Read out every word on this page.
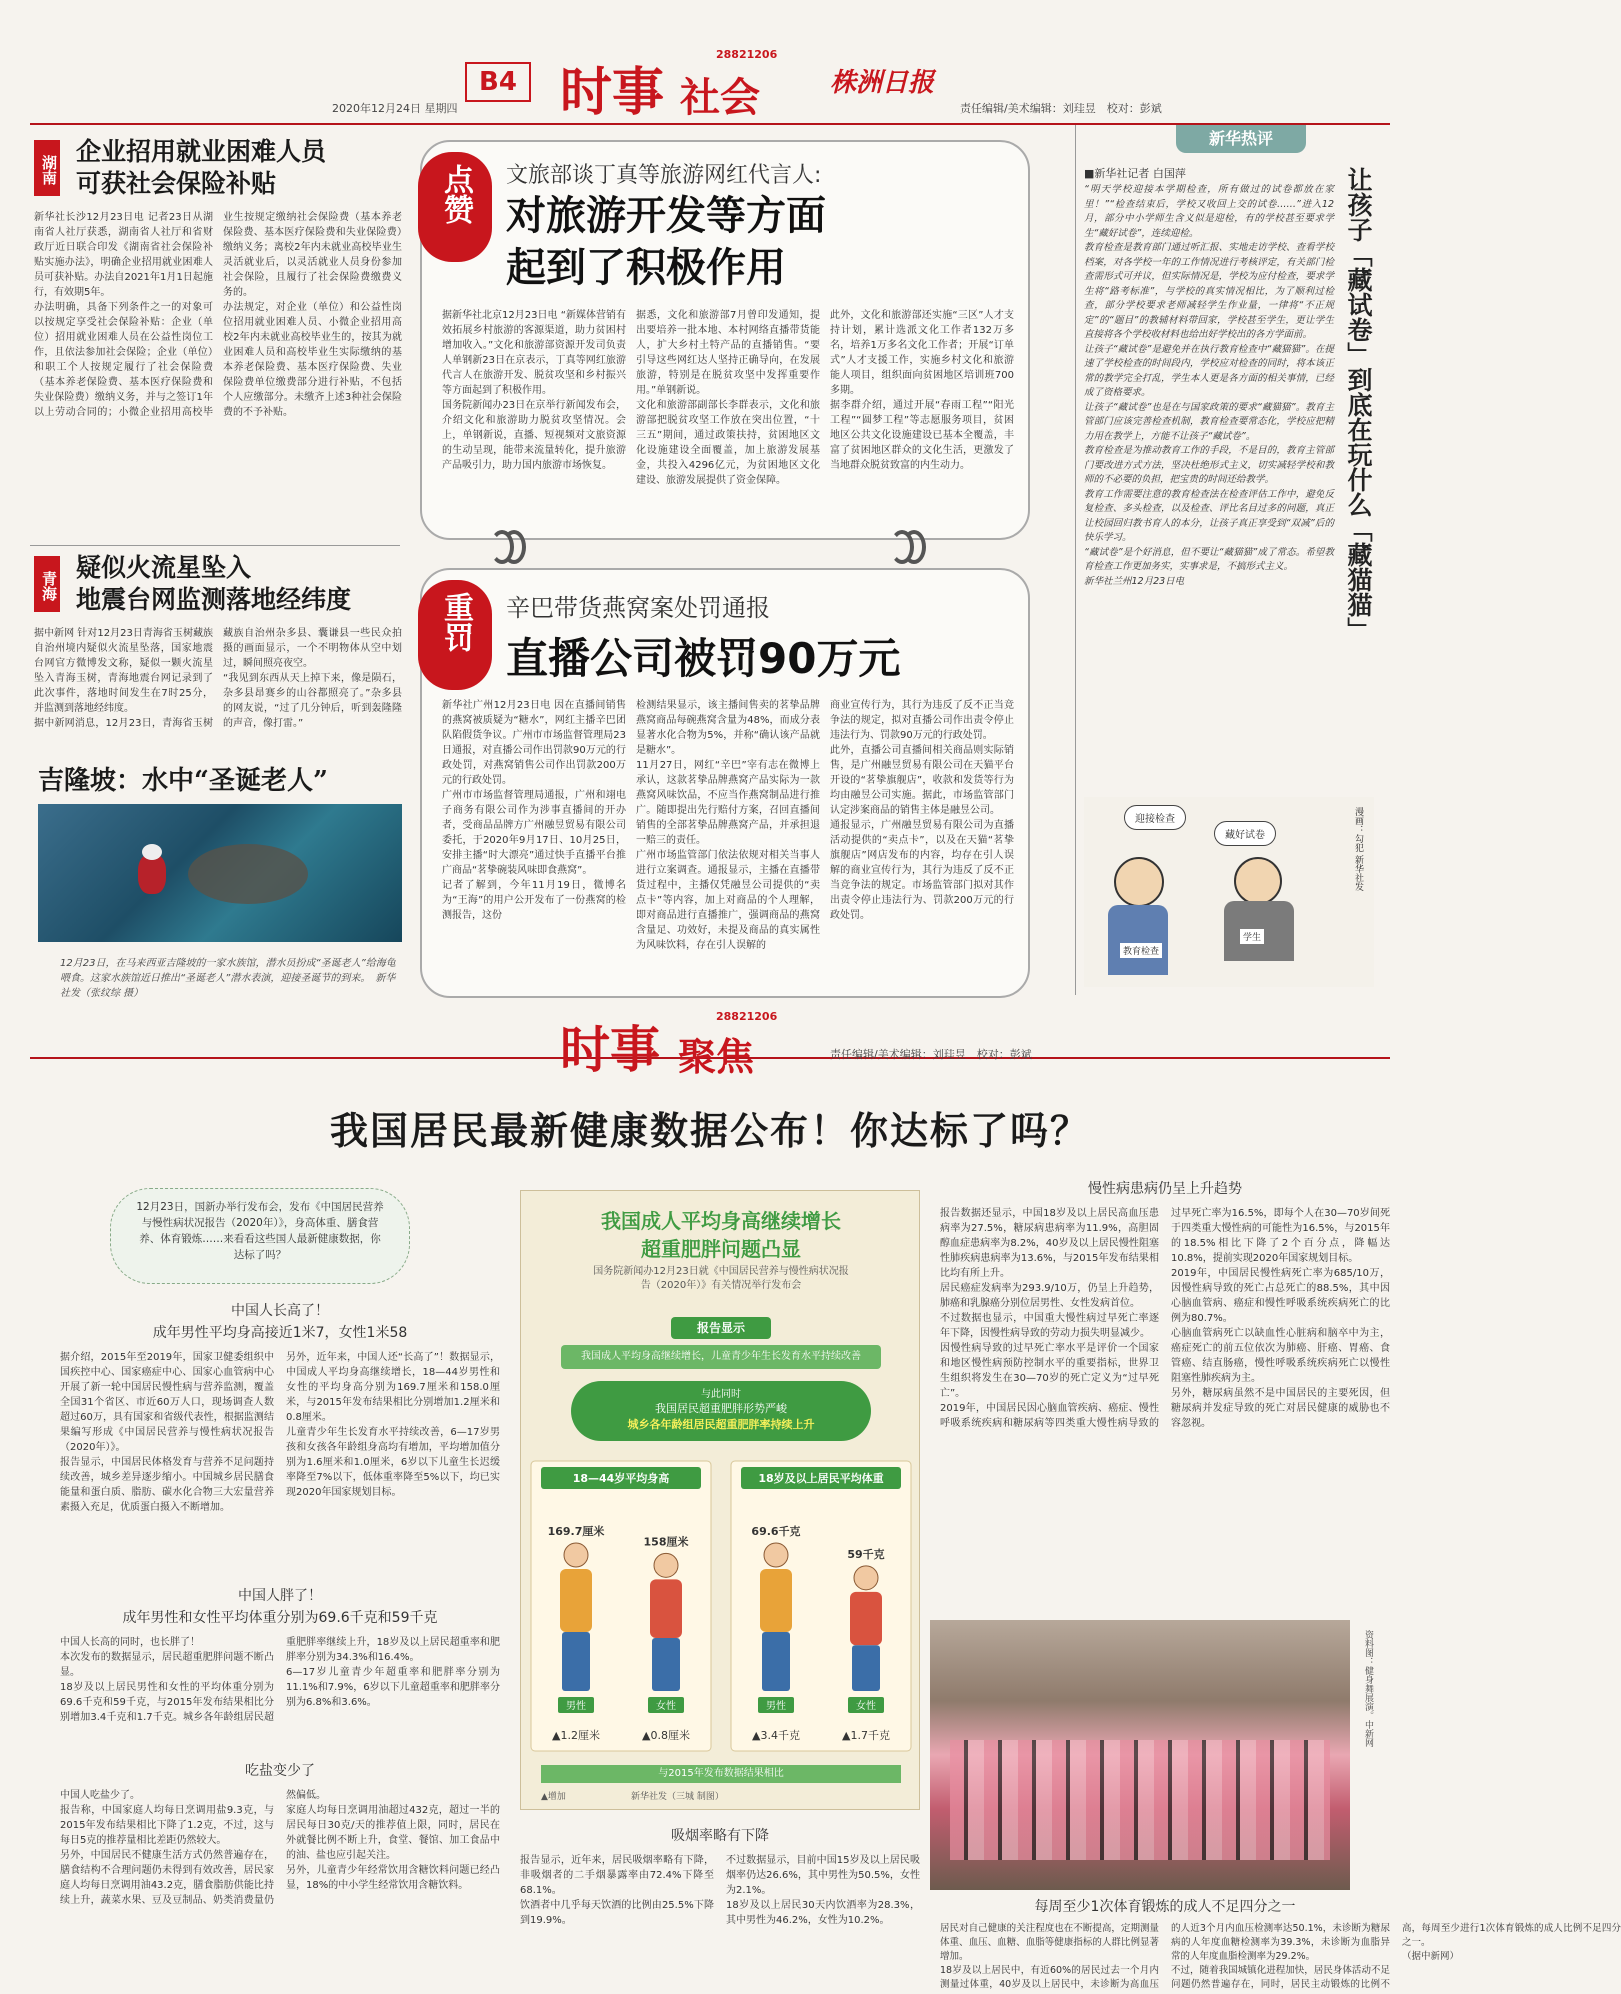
B4
2020年12月24日 星期四 时事 社会
28821206
株洲日报
责任编辑/美术编辑：刘珪昱　校对：彭斌
湖南
企业招用就业困难人员
可获社会保险补贴
新华社长沙12月23日电 记者23日从湖南省人社厅获悉，湖南省人社厅和省财政厅近日联合印发《湖南省社会保险补贴实施办法》，明确企业招用就业困难人员可获补贴。办法自2021年1月1日起施行，有效期5年。
办法明确，具备下列条件之一的对象可以按规定享受社会保险补贴：企业（单位）招用就业困难人员在公益性岗位工作，且依法参加社会保险；企业（单位）和职工个人按规定履行了社会保险费（基本养老保险费、基本医疗保险费和失业保险费）缴纳义务，并与之签订1年以上劳动合同的；小微企业招用高校毕业生按规定缴纳社会保险费（基本养老保险费、基本医疗保险费和失业保险费）缴纳义务；离校2年内未就业高校毕业生灵活就业后，以灵活就业人员身份参加社会保险，且履行了社会保险费缴费义务的。
办法规定，对企业（单位）和公益性岗位招用就业困难人员、小微企业招用高校2年内未就业高校毕业生的，按其为就业困难人员和高校毕业生实际缴纳的基本养老保险费、基本医疗保险费、失业保险费单位缴费部分进行补贴，不包括个人应缴部分。未缴齐上述3种社会保险费的不予补贴。
青海
疑似火流星坠入
地震台网监测落地经纬度
据中新网 针对12月23日青海省玉树藏族自治州境内疑似火流星坠落，国家地震台网官方微博发文称，疑似一颗火流星坠入青海玉树，青海地震台网记录到了此次事件，落地时间发生在7时25分，并监测到落地经纬度。
据中新网消息，12月23日，青海省玉树藏族自治州杂多县、囊谦县一些民众拍摄的画面显示，一个不明物体从空中划过，瞬间照亮夜空。
“我见到东西从天上掉下来，像是陨石，杂多县昂赛乡的山谷都照亮了。”杂多县的网友说，“过了几分钟后，听到轰隆隆的声音，像打雷。”
吉隆坡：水中“圣诞老人”
12月23日，在马来西亚吉隆坡的一家水族馆，潜水员扮成“圣诞老人”给海龟喂食。这家水族馆近日推出“圣诞老人”潜水表演，迎接圣诞节的到来。　新华社发（张纹综 摄）
点赞 文旅部谈丁真等旅游网红代言人:
对旅游开发等方面
起到了积极作用
据新华社北京12月23日电 “新媒体营销有效拓展乡村旅游的客源渠道，助力贫困村增加收入。”文化和旅游部资源开发司负责人单钢新23日在京表示，丁真等网红旅游代言人在旅游开发、脱贫攻坚和乡村振兴等方面起到了积极作用。
国务院新闻办23日在京举行新闻发布会，介绍文化和旅游助力脱贫攻坚情况。会上，单钢新说，直播、短视频对文旅资源的生动呈现，能带来流量转化，提升旅游产品吸引力，助力国内旅游市场恢复。
据悉，文化和旅游部7月曾印发通知，提出要培养一批本地、本村网络直播带货能人，扩大乡村土特产品的直播销售。“要引导这些网红达人坚持正确导向，在发展旅游，特别是在脱贫攻坚中发挥重要作用。”单钢新说。
文化和旅游部副部长李群表示，文化和旅游部把脱贫攻坚工作放在突出位置，“十三五”期间，通过政策扶持，贫困地区文化设施建设全面覆盖，加上旅游发展基金，共投入4296亿元，为贫困地区文化建设、旅游发展提供了资金保障。
此外，文化和旅游部还实施“三区”人才支持计划，累计选派文化工作者132万多名，培养1万多名文化工作者；开展“订单式”人才支援工作，实施乡村文化和旅游能人项目，组织面向贫困地区培训班700多期。
据李群介绍，通过开展“春雨工程”“阳光工程”“圆梦工程”等志愿服务项目，贫困地区公共文化设施建设已基本全覆盖，丰富了贫困地区群众的文化生活，更激发了当地群众脱贫致富的内生动力。
重罚 辛巴带货燕窝案处罚通报
直播公司被罚90万元
新华社广州12月23日电 因在直播间销售的燕窝被质疑为“糖水”，网红主播辛巴团队陷假货争议。广州市市场监督管理局23日通报，对直播公司作出罚款90万元的行政处罚，对燕窝销售公司作出罚款200万元的行政处罚。
广州市市场监督管理局通报，广州和翊电子商务有限公司作为涉事直播间的开办者，受商品品牌方广州融昱贸易有限公司委托，于2020年9月17日、10月25日，安排主播“时大漂亮”通过快手直播平台推广商品“茗挚碗装风味即食燕窝”。
记者了解到，今年11月19日，微博名为“王海”的用户公开发布了一份燕窝的检测报告，这份
检测结果显示，该主播间售卖的茗挚品牌燕窝商品每碗燕窝含量为48%，而成分表显著水化合物为5%，并称“确认该产品就是糖水”。
11月27日，网红“辛巴”宰有志在微博上承认，这款茗挚品牌燕窝产品实际为一款燕窝风味饮品，不应当作燕窝制品进行推广。随即提出先行赔付方案，召回直播间销售的全部茗挚品牌燕窝产品，并承担退一赔三的责任。
广州市场监管部门依法依规对相关当事人进行立案调查。通报显示，主播在直播带货过程中，主播仅凭融昱公司提供的“卖点卡”等内容，加上对商品的个人理解，即对商品进行直播推广，强调商品的燕窝含量足、功效好，未提及商品的真实属性为风味饮料，存在引人误解的
商业宣传行为，其行为违反了反不正当竞争法的规定，拟对直播公司作出责令停止违法行为、罚款90万元的行政处罚。
此外，直播公司直播间相关商品则实际销售，是广州融昱贸易有限公司在天猫平台开设的“茗挚旗舰店”，收款和发货等行为均由融昱公司实施。据此，市场监管部门认定涉案商品的销售主体是融昱公司。
通报显示，广州融昱贸易有限公司为直播活动提供的“卖点卡”，以及在天猫“茗挚旗舰店”网店发布的内容，均存在引人误解的商业宣传行为，其行为违反了反不正当竞争法的规定。市场监管部门拟对其作出责令停止违法行为、罚款200万元的行政处罚。
新华热评
让孩子「藏试卷」到底在玩什么「藏猫猫」
■新华社记者 白国萍
“明天学校迎接本学期检查，所有做过的试卷都放在家里！”“检查结束后，学校又收回上交的试卷……”进入12月，部分中小学师生含义似是迎检，有的学校甚至要求学生“藏好试卷”，连续迎检。
教育检查是教育部门通过听汇报、实地走访学校、查看学校档案，对各学校一年的工作情况进行考核评定，有关部门检查需形式可并议，但实际情况是，学校为应付检查，要求学生将“路考标准”，与学校的真实情况相比，为了顺利过检查，部分学校要求老师减轻学生作业量，一律将“不正规定”的“题目”的教辅材料带回家，学校甚至学生，更让学生直接将各个学校收材料也给出好学校出的各方学面前。
让孩子“藏试卷”是避免并在执行教育检查中“藏猫猫”。在提速了学校检查的时间段内，学校应对检查的同时，将本该正常的教学完全打乱，学生本人更是各方面的相关事情，已经成了资格要求。
让孩子“藏试卷”也是在与国家政策的要求“藏猫猫”。教育主管部门应该完善检查机制，教育检查要常态化，学校应把精力用在教学上，方能不让孩子“藏试卷”。
教育检查是为推动教育工作的手段，不是目的，教育主管部门要改进方式方法，坚决杜绝形式主义，切实减轻学校和教师的不必要的负担，把宝贵的时间还给教学。
教育工作需要注意的教育检查法在检查评估工作中，避免反复检查、多头检查，以及检查、评比名目过多的问题，真正让校园回归教书育人的本分，让孩子真正享受到“双减”后的快乐学习。
“藏试卷”是个好消息，但不要让“藏猫猫”成了常态。希望教育检查工作更加务实，实事求是，不搞形式主义。
新华社兰州12月23日电
迎接检查
藏好试卷
教育检查
学生
漫画：勾犯 新华社发
时事 聚焦
28821206
责任编辑/美术编辑：刘珪昱　校对：彭斌
我国居民最新健康数据公布！你达标了吗？
12月23日，国新办举行发布会，发布《中国居民营养与慢性病状况报告（2020年）》，身高体重、膳食营养、体育锻炼……来看看这些国人最新健康数据，你达标了吗？
中国人长高了！
成年男性平均身高接近1米7，女性1米58
据介绍，2015年至2019年，国家卫健委组织中国疾控中心、国家癌症中心、国家心血管病中心开展了新一轮中国居民慢性病与营养监测，覆盖全国31个省区、市近60万人口，现场调查人数超过60万，具有国家和省级代表性，根据监测结果编写形成《中国居民营养与慢性病状况报告（2020年）》。
报告显示，中国居民体格发育与营养不足问题持续改善，城乡差异逐步缩小。中国城乡居民膳食能量和蛋白质、脂肪、碳水化合物三大宏量营养素摄入充足，优质蛋白摄入不断增加。
另外，近年来，中国人还“长高了”！数据显示，中国成人平均身高继续增长，18—44岁男性和女性的平均身高分别为169.7厘米和158.0厘米，与2015年发布结果相比分别增加1.2厘米和0.8厘米。
儿童青少年生长发育水平持续改善，6—17岁男孩和女孩各年龄组身高均有增加，平均增加值分别为1.6厘米和1.0厘米，6岁以下儿童生长迟缓率降至7%以下，低体重率降至5%以下，均已实现2020年国家规划目标。
中国人胖了！
成年男性和女性平均体重分别为69.6千克和59千克
中国人长高的同时，也长胖了！
本次发布的数据显示，居民超重肥胖问题不断凸显。
18岁及以上居民男性和女性的平均体重分别为69.6千克和59千克，与2015年发布结果相比分别增加3.4千克和1.7千克。城乡各年龄组居民超重肥胖率继续上升，18岁及以上居民超重率和肥胖率分别为34.3%和16.4%。
6—17岁儿童青少年超重率和肥胖率分别为11.1%和7.9%，6岁以下儿童超重率和肥胖率分别为6.8%和3.6%。
吃盐变少了
中国人吃盐少了。
报告称，中国家庭人均每日烹调用盐9.3克，与2015年发布结果相比下降了1.2克，不过，这与每日5克的推荐量相比差距仍然较大。
另外，中国居民不健康生活方式仍然普遍存在，膳食结构不合理问题仍未得到有效改善，居民家庭人均每日烹调用油43.2克，膳食脂肪供能比持续上升，蔬菜水果、豆及豆制品、奶类消费量仍然偏低。
家庭人均每日烹调用油超过432克，超过一半的居民每日30克/天的推荐值上限，同时，居民在外就餐比例不断上升，食堂、餐馆、加工食品中的油、盐也应引起关注。
另外，儿童青少年经常饮用含糖饮料问题已经凸显，18%的中小学生经常饮用含糖饮料。
我国成人平均身高继续增长
超重肥胖问题凸显
国务院新闻办12月23日就《中国居民营养与慢性病状况报告（2020年）》有关情况举行发布会
报告显示
我国成人平均身高继续增长，儿童青少年生长发育水平持续改善
与此同时
我国居民超重肥胖形势严峻
城乡各年龄组居民超重肥胖率持续上升
18—44岁平均身高
169.7厘米
男性
▲1.2厘米
158厘米
女性
▲0.8厘米
18岁及以上居民平均体重
69.6千克
男性
▲3.4千克
59千克
女性
▲1.7千克
与2015年发布数据结果相比
▲增加	新华社发（三城 制图）
吸烟率略有下降
报告显示，近年来，居民吸烟率略有下降，非吸烟者的二手烟暴露率由72.4%下降至68.1%。
饮酒者中几乎每天饮酒的比例由25.5%下降到19.9%。
不过数据显示，目前中国15岁及以上居民吸烟率仍达26.6%，其中男性为50.5%，女性为2.1%。
18岁及以上居民30天内饮酒率为28.3%，其中男性为46.2%，女性为10.2%。
慢性病患病仍呈上升趋势
报告数据还显示，中国18岁及以上居民高血压患病率为27.5%，糖尿病患病率为11.9%，高胆固醇血症患病率为8.2%，40岁及以上居民慢性阻塞性肺疾病患病率为13.6%，与2015年发布结果相比均有所上升。
居民癌症发病率为293.9/10万，仍呈上升趋势，肺癌和乳腺癌分别位居男性、女性发病首位。
不过数据也显示，中国重大慢性病过早死亡率逐年下降，因慢性病导致的劳动力损失明显减少。
因慢性病导致的过早死亡率水平是评价一个国家和地区慢性病预防控制水平的重要指标，世界卫生组织将发生在30—70岁的死亡定义为“过早死亡”。
2019年，中国居民因心脑血管疾病、癌症、慢性呼吸系统疾病和糖尿病等四类重大慢性病导致的过早死亡率为16.5%，即每个人在30—70岁间死于四类重大慢性病的可能性为16.5%，与2015年的18.5%相比下降了2个百分点，降幅达10.8%，提前实现2020年国家规划目标。
2019年，中国居民慢性病死亡率为685/10万，因慢性病导致的死亡占总死亡的88.5%，其中因心脑血管病、癌症和慢性呼吸系统疾病死亡的比例为80.7%。
心脑血管病死亡以缺血性心脏病和脑卒中为主，癌症死亡的前五位依次为肺癌、肝癌、胃癌、食管癌、结直肠癌，慢性呼吸系统疾病死亡以慢性阻塞性肺疾病为主。
另外，糖尿病虽然不是中国居民的主要死因，但糖尿病并发症导致的死亡对居民健康的威胁也不容忽视。
资料图：健身舞展演。中新网
每周至少1次体育锻炼的成人不足四分之一
居民对自己健康的关注程度也在不断提高，定期测量体重、血压、血糖、血脂等健康指标的人群比例显著增加。
18岁及以上居民中，有近60%的居民过去一个月内测量过体重，40岁及以上居民中，未诊断为高血压的人近3个月内血压检测率达50.1%，未诊断为糖尿病的人年度血糖检测率为39.3%，未诊断为血脂异常的人年度血脂检测率为29.2%。
不过，随着我国城镇化进程加快，居民身体活动不足问题仍然普遍存在，同时，居民主动锻炼的比例不高，每周至少进行1次体育锻炼的成人比例不足四分之一。
（据中新网）
